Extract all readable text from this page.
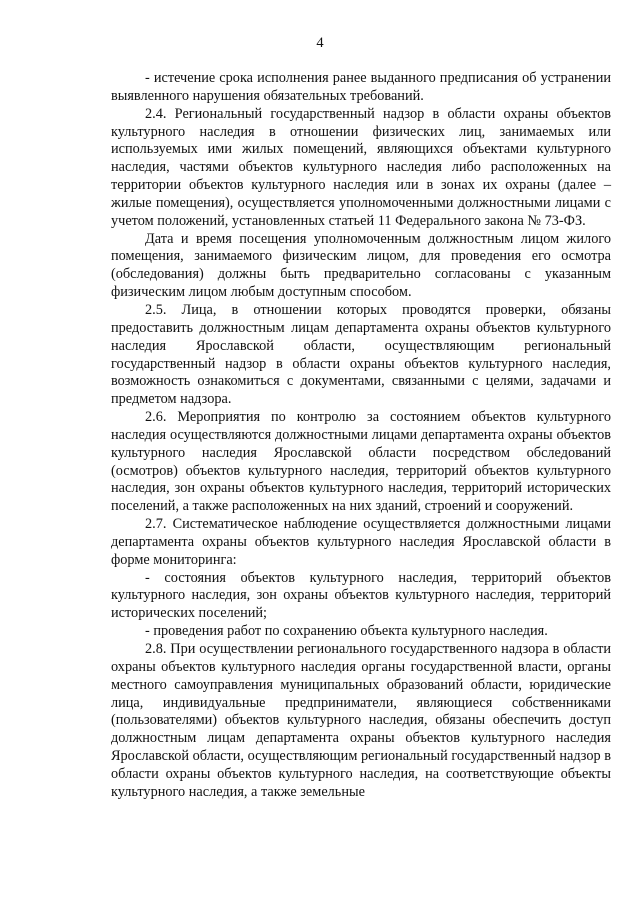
4

- истечение срока исполнения ранее выданного предписания об устранении выявленного нарушения обязательных требований.

2.4. Региональный государственный надзор в области охраны объектов культурного наследия в отношении физических лиц, занимаемых или используемых ими жилых помещений, являющихся объектами культурного наследия, частями объектов культурного наследия либо расположенных на территории объектов культурного наследия или в зонах их охраны (далее – жилые помещения), осуществляется уполномоченными должностными лицами с учетом положений, установленных статьей 11 Федерального закона № 73-ФЗ.

Дата и время посещения уполномоченным должностным лицом жилого помещения, занимаемого физическим лицом, для проведения его осмотра (обследования) должны быть предварительно согласованы с указанным физическим лицом любым доступным способом.

2.5. Лица, в отношении которых проводятся проверки, обязаны предоставить должностным лицам департамента охраны объектов культурного наследия Ярославской области, осуществляющим региональный государственный надзор в области охраны объектов культурного наследия, возможность ознакомиться с документами, связанными с целями, задачами и предметом надзора.

2.6. Мероприятия по контролю за состоянием объектов культурного наследия осуществляются должностными лицами департамента охраны объектов культурного наследия Ярославской области посредством обследований (осмотров) объектов культурного наследия, территорий объектов культурного наследия, зон охраны объектов культурного наследия, территорий исторических поселений, а также расположенных на них зданий, строений и сооружений.

2.7. Систематическое наблюдение осуществляется должностными лицами департамента охраны объектов культурного наследия Ярославской области в форме мониторинга:

- состояния объектов культурного наследия, территорий объектов культурного наследия, зон охраны объектов культурного наследия, территорий исторических поселений;

- проведения работ по сохранению объекта культурного наследия.

2.8. При осуществлении регионального государственного надзора в области охраны объектов культурного наследия органы государственной власти, органы местного самоуправления муниципальных образований области, юридические лица, индивидуальные предприниматели, являющиеся собственниками (пользователями) объектов культурного наследия, обязаны обеспечить доступ должностным лицам департамента охраны объектов культурного наследия Ярославской области, осуществляющим региональный государственный надзор в области охраны объектов культурного наследия, на соответствующие объекты культурного наследия, а также земельные
